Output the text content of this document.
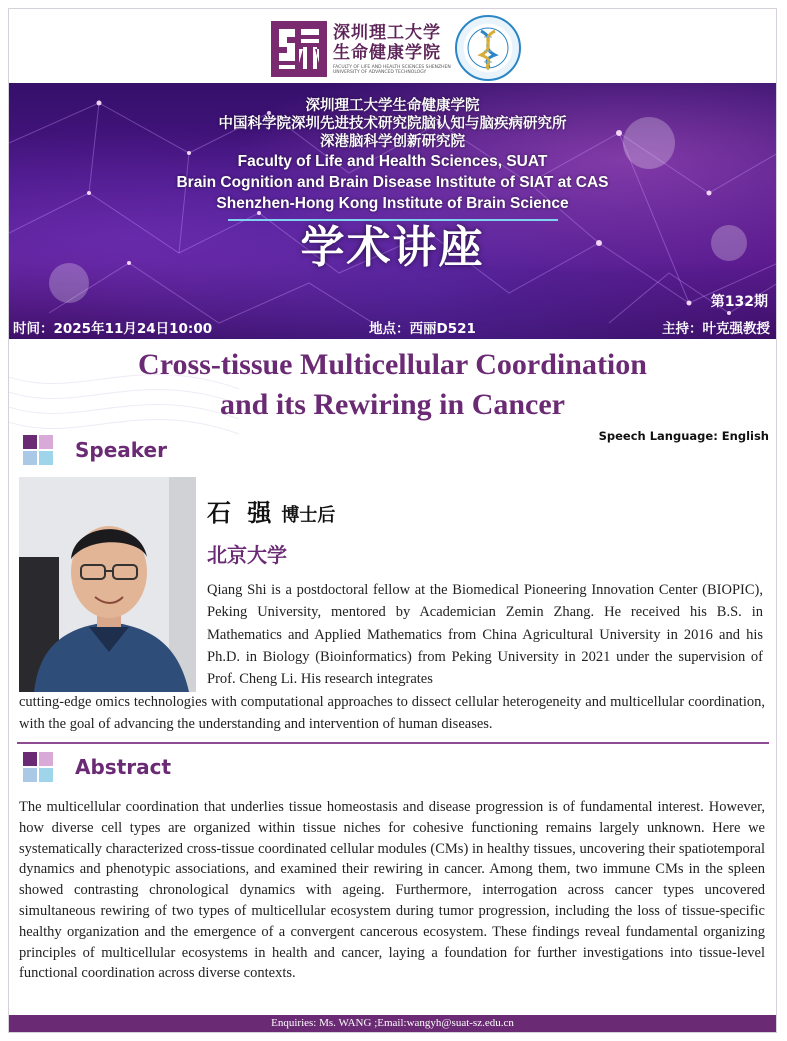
深圳理工大学
生命健康学院
FACULTY OF LIFE AND HEALTH SCIENCES SHENZHEN UNIVERSITY OF ADVANCED TECHNOLOGY
深圳理工大学生命健康学院
中国科学院深圳先进技术研究院脑认知与脑疾病研究所
深港脑科学创新研究院
Faculty of Life and Health Sciences, SUAT
Brain Cognition and Brain Disease Institute of SIAT at CAS
Shenzhen-Hong Kong Institute of Brain Science
学术讲座
第132期
时间：2025年11月24日10:00	地点：西丽D521	主持：叶克强教授
Cross-tissue Multicellular Coordination
and its Rewiring in Cancer
Speech Language: English
Speaker
石 强 博士后
北京大学
Qiang Shi is a postdoctoral fellow at the Biomedical Pioneering Innovation Center (BIOPIC), Peking University, mentored by Academician Zemin Zhang. He received his B.S. in Mathematics and Applied Mathematics from China Agricultural University in 2016 and his Ph.D. in Biology (Bioinformatics) from Peking University in 2021 under the supervision of Prof. Cheng Li. His research integrates
cutting-edge omics technologies with computational approaches to dissect cellular heterogeneity and multicellular coordination, with the goal of advancing the understanding and intervention of human diseases.
Abstract
The multicellular coordination that underlies tissue homeostasis and disease progression is of fundamental interest. However, how diverse cell types are organized within tissue niches for cohesive functioning remains largely unknown. Here we systematically characterized cross-tissue coordinated cellular modules (CMs) in healthy tissues, uncovering their spatiotemporal dynamics and phenotypic associations, and examined their rewiring in cancer. Among them, two immune CMs in the spleen showed contrasting chronological dynamics with ageing. Furthermore, interrogation across cancer types uncovered simultaneous rewiring of two types of multicellular ecosystem during tumor progression, including the loss of tissue-specific healthy organization and the emergence of a convergent cancerous ecosystem. These findings reveal fundamental organizing principles of multicellular ecosystems in health and cancer, laying a foundation for further investigations into tissue-level functional coordination across diverse contexts.
Enquiries: Ms. WANG ;Email:wangyh@suat-sz.edu.cn
